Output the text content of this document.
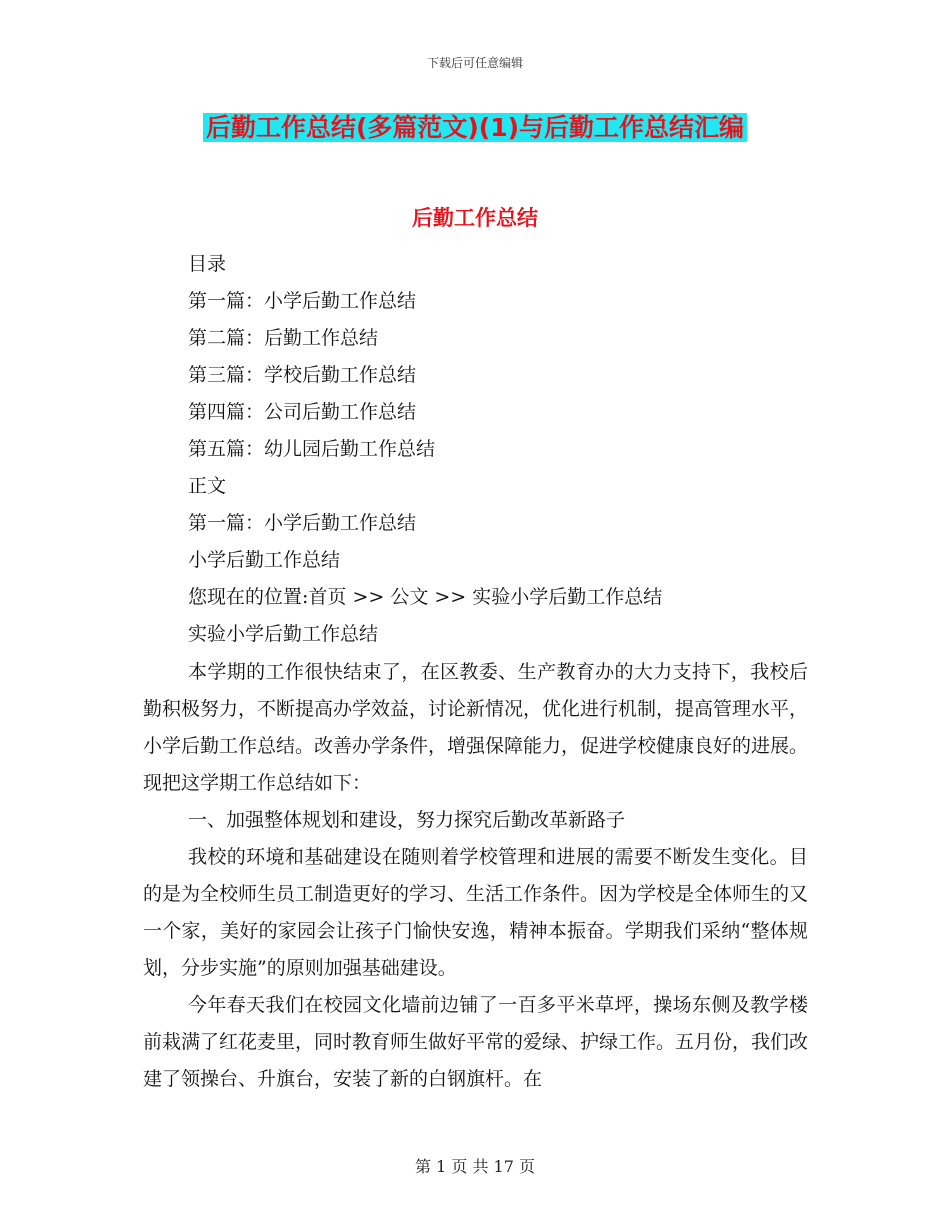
下载后可任意编辑
后勤工作总结(多篇范文)(1)与后勤工作总结汇编
后勤工作总结
目录
第一篇：小学后勤工作总结
第二篇：后勤工作总结
第三篇：学校后勤工作总结
第四篇：公司后勤工作总结
第五篇：幼儿园后勤工作总结
正文
第一篇：小学后勤工作总结
小学后勤工作总结
您现在的位置:首页 >> 公文 >> 实验小学后勤工作总结
实验小学后勤工作总结

本学期的工作很快结束了，在区教委、生产教育办的大力支持下，我校后勤积极努力，不断提高办学效益，讨论新情况，优化进行机制，提高管理水平，小学后勤工作总结。改善办学条件，增强保障能力，促进学校健康良好的进展。现把这学期工作总结如下：

一、加强整体规划和建设，努力探究后勤改革新路子

我校的环境和基础建设在随则着学校管理和进展的需要不断发生变化。目的是为全校师生员工制造更好的学习、生活工作条件。因为学校是全体师生的又一个家，美好的家园会让孩子门愉快安逸，精神本振奋。学期我们采纳“整体规划，分步实施”的原则加强基础建设。

今年春天我们在校园文化墙前边铺了一百多平米草坪，操场东侧及教学楼前栽满了红花麦里，同时教育师生做好平常的爱绿、护绿工作。五月份，我们改建了领操台、升旗台，安装了新的白钢旗杆。在

第 1 页 共 17 页
